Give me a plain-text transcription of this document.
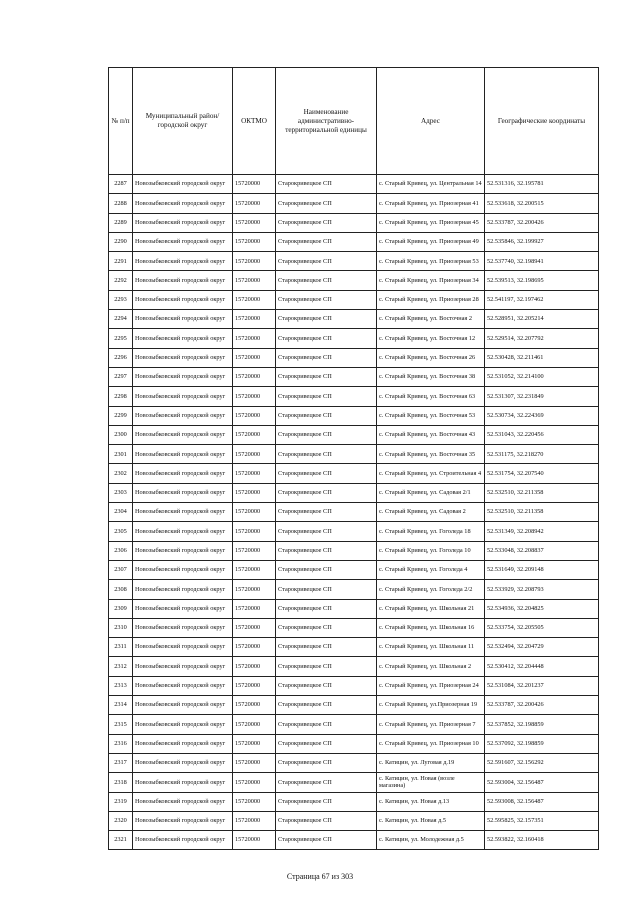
№ п/п	Муниципальный район/городской округ	ОКТМО	Наименование административно-территориальной единицы	Адрес	Географические координаты
2287	Новозыбковский городской округ	15720000	Старокривецкое СП	с. Старый Кривец, ул. Центральная 14	52.531316, 32.195781
2288	Новозыбковский городской округ	15720000	Старокривецкое СП	с. Старый Кривец, ул. Приозерная 41	52.533618, 32.200515
2289	Новозыбковский городской округ	15720000	Старокривецкое СП	с. Старый Кривец, ул. Приозерная 45	52.533787, 32.200426
2290	Новозыбковский городской округ	15720000	Старокривецкое СП	с. Старый Кривец, ул. Приозерная 49	52.535846, 32.199927
2291	Новозыбковский городской округ	15720000	Старокривецкое СП	с. Старый Кривец, ул. Приозерная 53	52.537740, 32.198941
2292	Новозыбковский городской округ	15720000	Старокривецкое СП	с. Старый Кривец, ул. Приозерная 34	52.539513, 32.198695
2293	Новозыбковский городской округ	15720000	Старокривецкое СП	с. Старый Кривец, ул. Приозерная 28	52.541197, 32.197462
2294	Новозыбковский городской округ	15720000	Старокривецкое СП	с. Старый Кривец, ул. Восточная 2	52.528951, 32.205214
2295	Новозыбковский городской округ	15720000	Старокривецкое СП	с. Старый Кривец, ул. Восточная 12	52.529514, 32.207792
2296	Новозыбковский городской округ	15720000	Старокривецкое СП	с. Старый Кривец, ул. Восточная 26	52.530428, 32.211461
2297	Новозыбковский городской округ	15720000	Старокривецкое СП	с. Старый Кривец, ул. Восточная 38	52.531052, 32.214100
2298	Новозыбковский городской округ	15720000	Старокривецкое СП	с. Старый Кривец, ул. Восточная 63	52.531307, 32.231849
2299	Новозыбковский городской округ	15720000	Старокривецкое СП	с. Старый Кривец, ул. Восточная 53	52.530734, 32.224369
2300	Новозыбковский городской округ	15720000	Старокривецкое СП	с. Старый Кривец, ул. Восточная 43	52.531043, 32.220456
2301	Новозыбковский городской округ	15720000	Старокривецкое СП	с. Старый Кривец, ул. Восточная 35	52.531175, 32.218270
2302	Новозыбковский городской округ	15720000	Старокривецкое СП	с. Старый Кривец, ул. Строительная 4	52.531754, 32.207540
2303	Новозыбковский городской округ	15720000	Старокривецкое СП	с. Старый Кривец, ул. Садовая 2/1	52.532510, 32.211358
2304	Новозыбковский городской округ	15720000	Старокривецкое СП	с. Старый Кривец, ул. Садовая 2	52.532510, 32.211358
2305	Новозыбковский городской округ	15720000	Старокривецкое СП	с. Старый Кривец, ул. Гоголеда 18	52.531349, 32.208942
2306	Новозыбковский городской округ	15720000	Старокривецкое СП	с. Старый Кривец, ул. Гоголеда 10	52.533048, 32.208837
2307	Новозыбковский городской округ	15720000	Старокривецкое СП	с. Старый Кривец, ул. Гоголеда 4	52.531649, 32.209148
2308	Новозыбковский городской округ	15720000	Старокривецкое СП	с. Старый Кривец, ул. Гоголеда 2/2	52.533929, 32.208793
2309	Новозыбковский городской округ	15720000	Старокривецкое СП	с. Старый Кривец, ул. Школьная 21	52.534936, 32.204825
2310	Новозыбковский городской округ	15720000	Старокривецкое СП	с. Старый Кривец, ул. Школьная 16	52.533754, 32.205505
2311	Новозыбковский городской округ	15720000	Старокривецкое СП	с. Старый Кривец, ул. Школьная 11	52.532494, 32.204729
2312	Новозыбковский городской округ	15720000	Старокривецкое СП	с. Старый Кривец, ул. Школьная 2	52.530412, 32.204448
2313	Новозыбковский городской округ	15720000	Старокривецкое СП	с. Старый Кривец, ул. Приозерная 24	52.531084, 32.201237
2314	Новозыбковский городской округ	15720000	Старокривецкое СП	с. Старый Кривец, ул.Приозерная 19	52.533787, 32.200426
2315	Новозыбковский городской округ	15720000	Старокривецкое СП	с. Старый Кривец, ул. Приозерная 7	52.537852, 32.198859
2316	Новозыбковский городской округ	15720000	Старокривецкое СП	с. Старый Кривец, ул. Приозерная 10	52.537092, 32.198859
2317	Новозыбковский городской округ	15720000	Старокривецкое СП	с. Катицин, ул. Луговая д.19	52.591607, 32.156292
2318	Новозыбковский городской округ	15720000	Старокривецкое СП	с. Катицин, ул. Новая (возле магазина)	52.593004, 32.156487
2319	Новозыбковский городской округ	15720000	Старокривецкое СП	с. Катицин, ул. Новая д.13	52.593008, 32.156487
2320	Новозыбковский городской округ	15720000	Старокривецкое СП	с. Катицин, ул. Новая д.5	52.595825, 32.157351
2321	Новозыбковский городской округ	15720000	Старокривецкое СП	с. Катицин, ул. Молодежная д.5	52.593822, 32.160418
Страница 67 из 303
